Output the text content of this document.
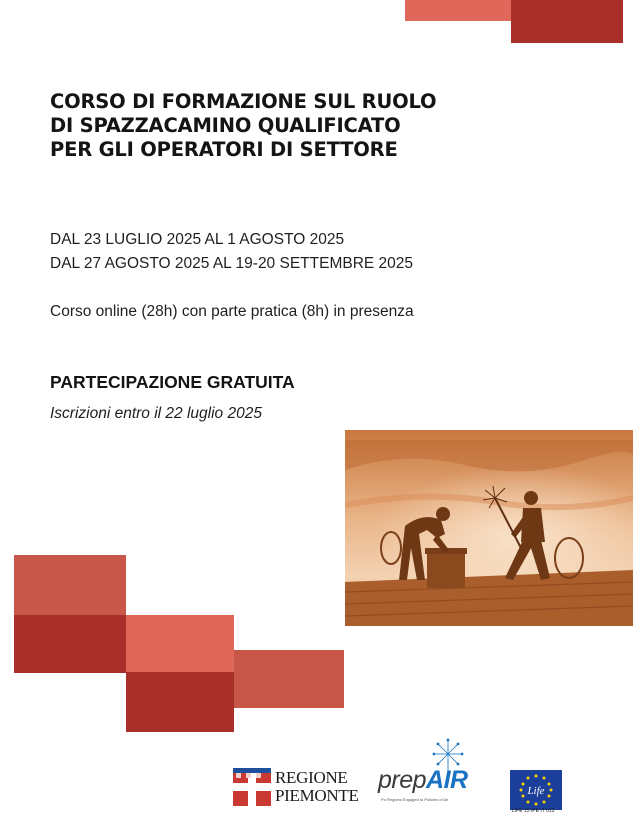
CORSO DI FORMAZIONE SUL RUOLO
DI SPAZZACAMINO QUALIFICATO
PER GLI OPERATORI DI SETTORE
DAL 23 LUGLIO 2025 AL 1 AGOSTO 2025
DAL 27 AGOSTO 2025 AL 19-20 SETTEMBRE 2025
Corso online (28h) con parte pratica (8h) in presenza
PARTECIPAZIONE GRATUITA
Iscrizioni entro il 22 luglio 2025
REGIONE
PIEMONTE
prepAIR
Po Regions Engaged to Policies of Air
Life
LIFE 15 IPE IT 013
